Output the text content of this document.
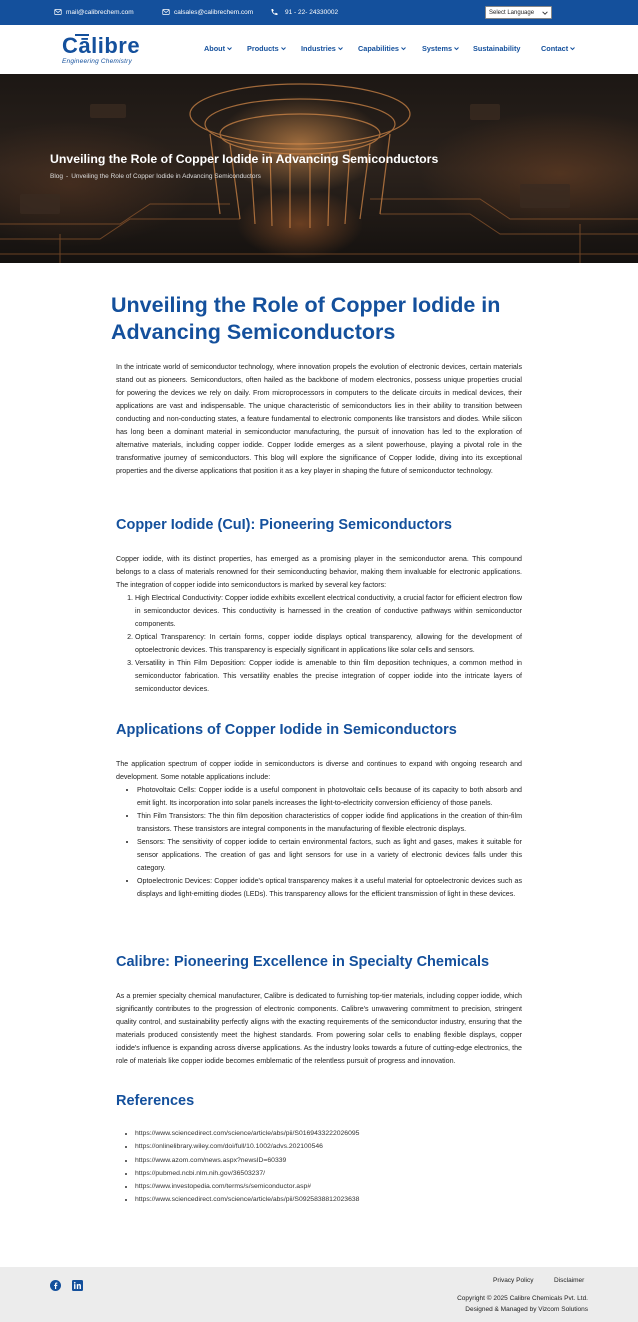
mail@calibrechem.com	calsales@calibrechem.com	91 - 22- 24330002	Select Language
Cālibre
Engineering Chemistry
About	Products	Industries	Capabilities	Systems	Sustainability	Contact
Unveiling the Role of Copper Iodide in Advancing Semiconductors
Blog - Unveiling the Role of Copper Iodide in Advancing Semiconductors
Unveiling the Role of Copper Iodide in Advancing Semiconductors

In the intricate world of semiconductor technology, where innovation propels the evolution of electronic devices, certain materials stand out as pioneers. Semiconductors, often hailed as the backbone of modern electronics, possess unique properties crucial for powering the devices we rely on daily. From microprocessors in computers to the delicate circuits in medical devices, their applications are vast and indispensable. The unique characteristic of semiconductors lies in their ability to transition between conducting and non-conducting states, a feature fundamental to electronic components like transistors and diodes. While silicon has long been a dominant material in semiconductor manufacturing, the pursuit of innovation has led to the exploration of alternative materials, including copper iodide. Copper Iodide emerges as a silent powerhouse, playing a pivotal role in the transformative journey of semiconductors. This blog will explore the significance of Copper Iodide, diving into its exceptional properties and the diverse applications that position it as a key player in shaping the future of semiconductor technology.

Copper Iodide (CuI): Pioneering Semiconductors

Copper iodide, with its distinct properties, has emerged as a promising player in the semiconductor arena. This compound belongs to a class of materials renowned for their semiconducting behavior, making them invaluable for electronic applications. The integration of copper iodide into semiconductors is marked by several key factors:

1. High Electrical Conductivity: Copper iodide exhibits excellent electrical conductivity, a crucial factor for efficient electron flow in semiconductor devices. This conductivity is harnessed in the creation of conductive pathways within semiconductor components.
2. Optical Transparency: In certain forms, copper iodide displays optical transparency, allowing for the development of optoelectronic devices. This transparency is especially significant in applications like solar cells and sensors.
3. Versatility in Thin Film Deposition: Copper iodide is amenable to thin film deposition techniques, a common method in semiconductor fabrication. This versatility enables the precise integration of copper iodide into the intricate layers of semiconductor devices.
Applications of Copper Iodide in Semiconductors

The application spectrum of copper iodide in semiconductors is diverse and continues to expand with ongoing research and development. Some notable applications include:

• Photovoltaic Cells: Copper iodide is a useful component in photovoltaic cells because of its capacity to both absorb and emit light. Its incorporation into solar panels increases the light-to-electricity conversion efficiency of those panels.
• Thin Film Transistors: The thin film deposition characteristics of copper iodide find applications in the creation of thin-film transistors. These transistors are integral components in the manufacturing of flexible electronic displays.
• Sensors: The sensitivity of copper iodide to certain environmental factors, such as light and gases, makes it suitable for sensor applications. The creation of gas and light sensors for use in a variety of electronic devices falls under this category.
• Optoelectronic Devices: Copper iodide's optical transparency makes it a useful material for optoelectronic devices such as displays and light-emitting diodes (LEDs). This transparency allows for the efficient transmission of light in these devices.
Calibre: Pioneering Excellence in Specialty Chemicals

As a premier specialty chemical manufacturer, Calibre is dedicated to furnishing top-tier materials, including copper iodide, which significantly contributes to the progression of electronic components. Calibre's unwavering commitment to precision, stringent quality control, and sustainability perfectly aligns with the exacting requirements of the semiconductor industry, ensuring that the materials produced consistently meet the highest standards. From powering solar cells to enabling flexible displays, copper iodide's influence is expanding across diverse applications. As the industry looks towards a future of cutting-edge electronics, the role of materials like copper iodide becomes emblematic of the relentless pursuit of progress and innovation.

References
• https://www.sciencedirect.com/science/article/abs/pii/S0169433222026095
• https://onlinelibrary.wiley.com/doi/full/10.1002/advs.202100546
• https://www.azom.com/news.aspx?newsID=60339
• https://pubmed.ncbi.nlm.nih.gov/36503237/
• https://www.investopedia.com/terms/s/semiconductor.asp#
• https://www.sciencedirect.com/science/article/abs/pii/S0925838812023638
Privacy Policy	Disclaimer
Copyright © 2025 Calibre Chemicals Pvt. Ltd.
Designed & Managed by Vizcom Solutions
